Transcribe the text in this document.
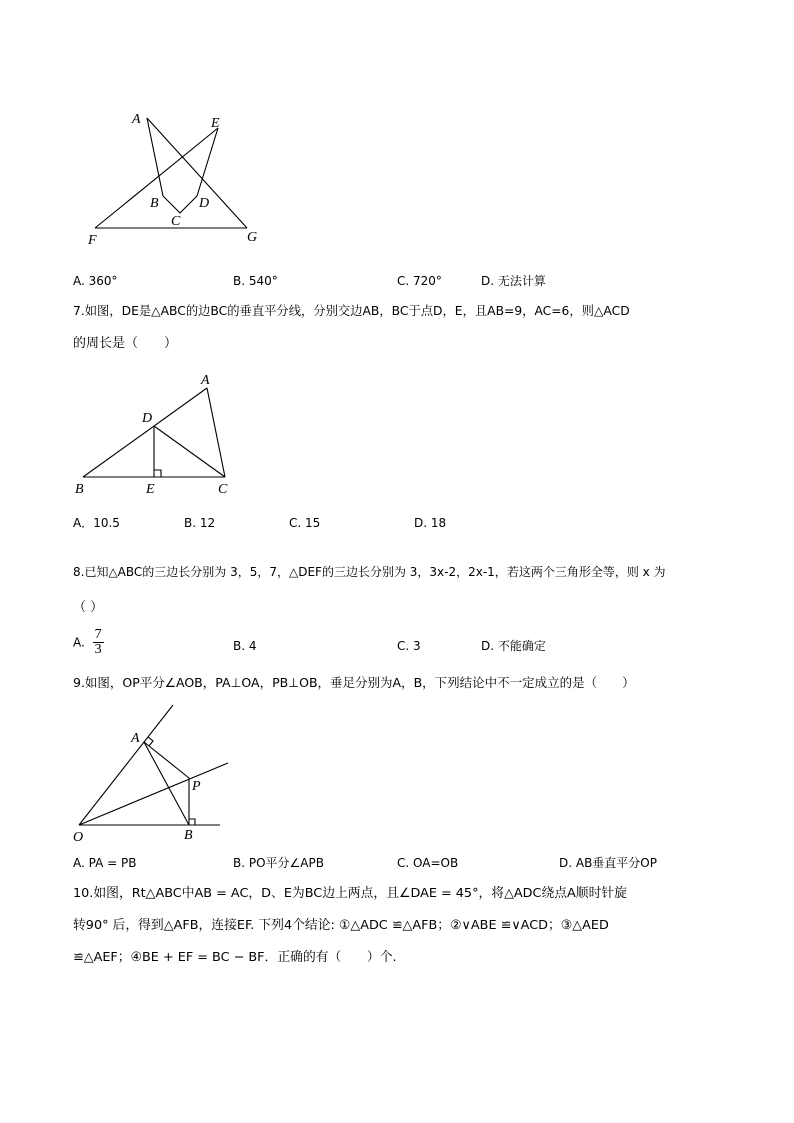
A	E
B
C
D
F	G
A. 360°	B. 540°	C. 720°	D. 无法计算
7.如图，DE是△ABC的边BC的垂直平分线，分别交边AB，BC于点D，E，且AB=9，AC=6，则△ACD
的周长是（　　）
A
D
B	E	C
A．10.5	B. 12	C. 15	D. 18
8.已知△ABC的三边长分别为 3，5，7，△DEF的三边长分别为 3，3x-2，2x-1，若这两个三角形全等，则 x 为
（ ）
A. $\frac{7}{3}$	B. 4	C. 3	D. 不能确定
9.如图，OP平分∠AOB，PA⊥OA，PB⊥OB，垂足分别为A，B，下列结论中不一定成立的是（　　）
A
P
O	B
A. PA = PB	B. PO平分∠APB	C. OA=OB	D. AB垂直平分OP
10.如图，Rt△ABC中AB = AC，D、E为BC边上两点，且∠DAE = 45°，将△ADC绕点A顺时针旋
转90° 后，得到△AFB，连接EF. 下列4个结论: ①△ADC ≌△AFB；②∨ABE ≌∨ACD；③△AED
≌△AEF；④BE + EF = BC − BF．正确的有（　　）个.
